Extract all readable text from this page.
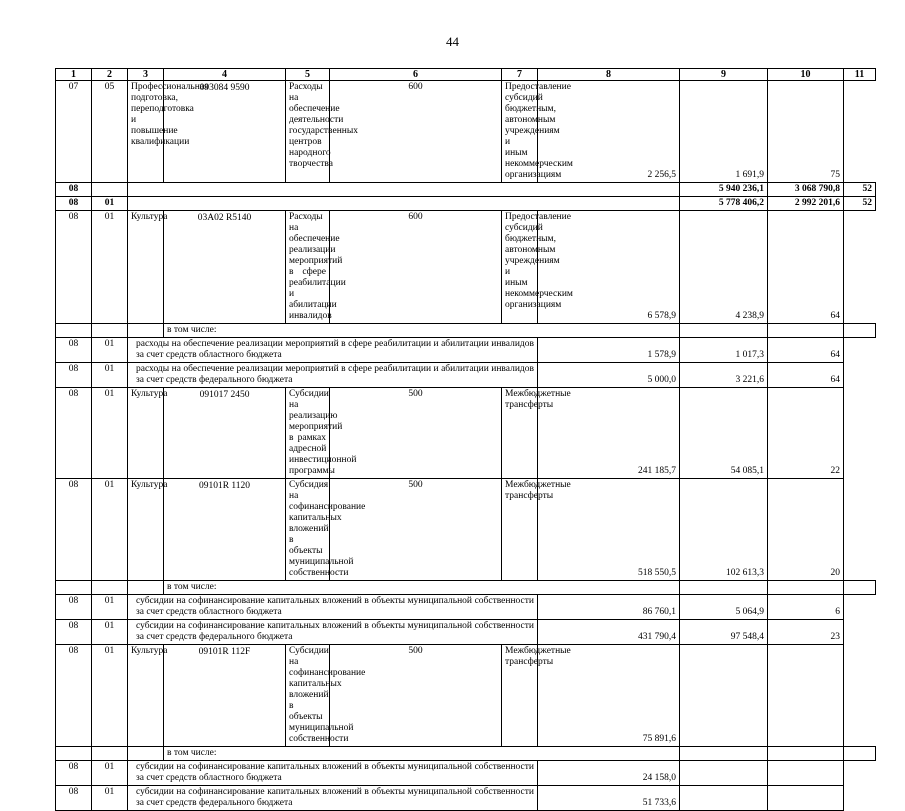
44
1	2	3	4	5	6	7	8	9	10	11
07	05	Профессиональная подготовка, переподготовка и повышение квалификации	093084 9590	Расходы на обеспечение деятельности государственных центров народного творчества	600	Предоставление субсидий бюджетным, автономным учреждениям и иным некоммерческим организациям	2 256,5	1 691,9	75	
08								5 940 236,1	3 068 790,8	52
08	01							5 778 406,2	2 992 201,6	52
08	01	Культура	03А02 R5140	Расходы на обеспечение реализации мероприятий в сфере реабилитации и абилитации инвалидов	600	Предоставление субсидий бюджетным, автономным учреждениям и иным некоммерческим организациям	6 578,9	4 238,9	64	
			в том числе:							
08	01	расходы на обеспечение реализации мероприятий в сфере реабилитации и абилитации инвалидов за счет средств областного бюджета					1 578,9	1 017,3	64	
08	01	расходы на обеспечение реализации мероприятий в сфере реабилитации и абилитации инвалидов за счет средств федерального бюджета					5 000,0	3 221,6	64	
08	01	Культура	091017 2450	Субсидии на реализацию мероприятий в рамках адресной инвестиционной программы	500	Межбюджетные трансферты	241 185,7	54 085,1	22	
08	01	Культура	09101R 1120	Субсидия на софинансирование капитальных вложений в объекты муниципальной собственности	500	Межбюджетные трансферты	518 550,5	102 613,3	20	
			в том числе:							
08	01	субсидии на софинансирование капитальных вложений в объекты муниципальной собственности за счет средств областного бюджета					86 760,1	5 064,9	6	
08	01	субсидии на софинансирование капитальных вложений в объекты муниципальной собственности за счет средств федерального бюджета					431 790,4	97 548,4	23	
08	01	Культура	09101R 112F	Субсидии на софинансирование капитальных вложений в объекты муниципальной собственности	500	Межбюджетные трансферты	75 891,6			
			в том числе:							
08	01	субсидии на софинансирование капитальных вложений в объекты муниципальной собственности за счет средств областного бюджета					24 158,0			
08	01	субсидии на софинансирование капитальных вложений в объекты муниципальной собственности за счет средств федерального бюджета					51 733,6			
